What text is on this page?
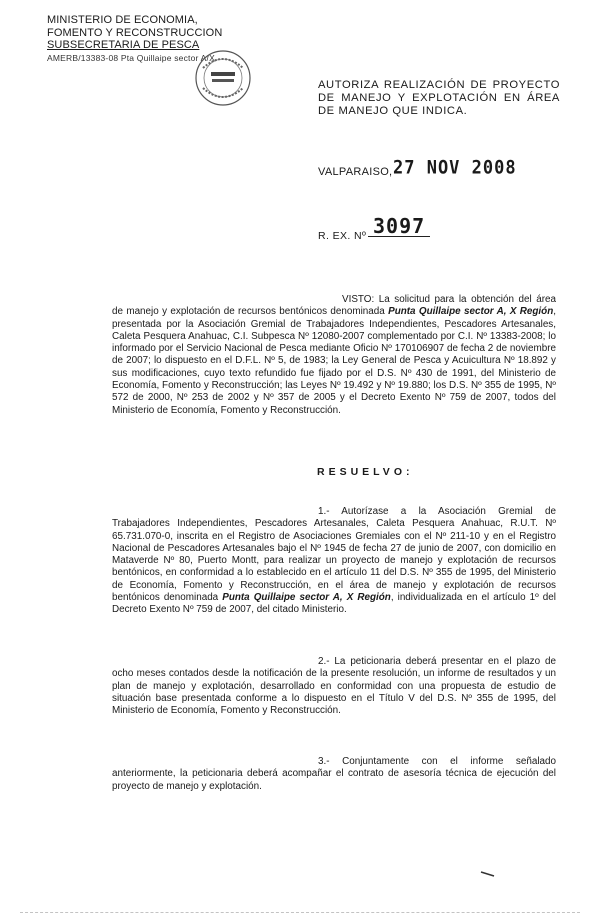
MINISTERIO DE ECONOMIA,
FOMENTO Y RECONSTRUCCION
SUBSECRETARIA DE PESCA
AMERB/13383-08 Pta Quillaipe sector A/X
AUTORIZA REALIZACIÓN DE PROYECTO DE MANEJO Y EXPLOTACIÓN EN ÁREA DE MANEJO QUE INDICA.
VALPARAISO, 27 NOV 2008
R. EX. Nº 3097

VISTO: La solicitud para la obtención del área de manejo y explotación de recursos bentónicos denominada Punta Quillaipe sector A, X Región, presentada por la Asociación Gremial de Trabajadores Independientes, Pescadores Artesanales, Caleta Pesquera Anahuac, C.I. Subpesca Nº 12080-2007 complementado por C.I. Nº 13383-2008; lo informado por el Servicio Nacional de Pesca mediante Oficio Nº 170106907 de fecha 2 de noviembre de 2007; lo dispuesto en el D.F.L. Nº 5, de 1983; la Ley General de Pesca y Acuicultura Nº 18.892 y sus modificaciones, cuyo texto refundido fue fijado por el D.S. Nº 430 de 1991, del Ministerio de Economía, Fomento y Reconstrucción; las Leyes Nº 19.492 y Nº 19.880; los D.S. Nº 355 de 1995, Nº 572 de 2000, Nº 253 de 2002 y Nº 357 de 2005 y el Decreto Exento Nº 759 de 2007, todos del Ministerio de Economía, Fomento y Reconstrucción.

RESUELVO:

1.- Autorízase a la Asociación Gremial de Trabajadores Independientes, Pescadores Artesanales, Caleta Pesquera Anahuac, R.U.T. Nº 65.731.070-0, inscrita en el Registro de Asociaciones Gremiales con el Nº 211-10 y en el Registro Nacional de Pescadores Artesanales bajo el Nº 1945 de fecha 27 de junio de 2007, con domicilio en Mataverde Nº 80, Puerto Montt, para realizar un proyecto de manejo y explotación de recursos bentónicos, en conformidad a lo establecido en el artículo 11 del D.S. Nº 355 de 1995, del Ministerio de Economía, Fomento y Reconstrucción, en el área de manejo y explotación de recursos bentónicos denominada Punta Quillaipe sector A, X Región, individualizada en el artículo 1º del Decreto Exento Nº 759 de 2007, del citado Ministerio.

2.- La peticionaria deberá presentar en el plazo de ocho meses contados desde la notificación de la presente resolución, un informe de resultados y un plan de manejo y explotación, desarrollado en conformidad con una propuesta de estudio de situación base presentada conforme a lo dispuesto en el Título V del D.S. Nº 355 de 1995, del Ministerio de Economía, Fomento y Reconstrucción.

3.- Conjuntamente con el informe señalado anteriormente, la peticionaria deberá acompañar el contrato de asesoría técnica de ejecución del proyecto de manejo y explotación.
